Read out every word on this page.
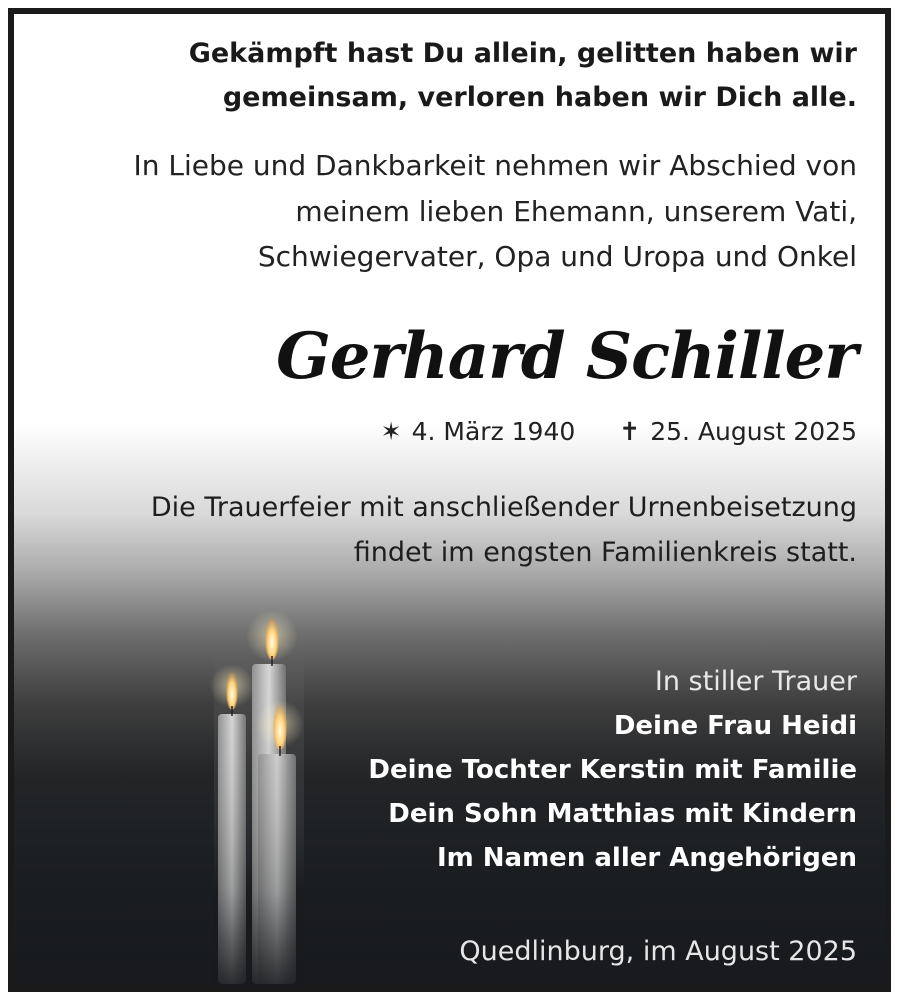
Gekämpft hast Du allein, gelitten haben wir

gemeinsam, verloren haben wir Dich alle.

In Liebe und Dankbarkeit nehmen wir Abschied von

meinem lieben Ehemann, unserem Vati,

Schwiegervater, Opa und Uropa und Onkel

Gerhard Schiller

✶ 4. März 1940 ✝ 25. August 2025

Die Trauerfeier mit anschließender Urnenbeisetzung

findet im engsten Familienkreis statt.

In stiller Trauer

Deine Frau Heidi

Deine Tochter Kerstin mit Familie

Dein Sohn Matthias mit Kindern

Im Namen aller Angehörigen

Quedlinburg, im August 2025
